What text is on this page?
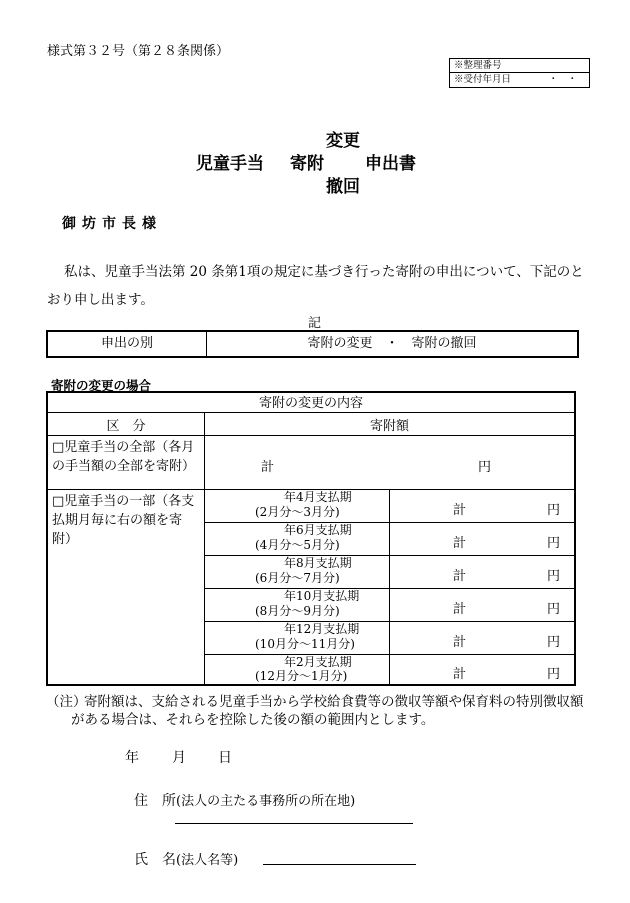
様式第３２号（第２８条関係）
※整理番号
※受付年月日	・　・
変更
児童手当 寄附 申出書
撤回
御坊市長様
私は、児童手当法第 20 条第1項の規定に基づき行った寄附の申出について、下記のとおり申し出ます。
記
申出の別	寄附の変更　・　寄附の撤回
寄附の変更の場合
寄附の変更の内容
区　分	寄附額
□児童手当の全部（各月の手当額の全部を寄附）	計	円
□児童手当の一部（各支払期月毎に右の額を寄附）
年4月支払期
(2月分～3月分)	計	円
年6月支払期
(4月分～5月分)	計	円
年8月支払期
(6月分～7月分)	計	円
年10月支払期
(8月分～9月分)	計	円
年12月支払期
(10月分～11月分)	計	円
年2月支払期
(12月分～1月分)	計	円
（注）
寄附額は、支給される児童手当から学校給食費等の徴収等額や保育料の特別徴収額
がある場合は、それらを控除した後の額の範囲内とします。
年 月 日
住　所 (法人の主たる事務所の所在地)
氏　名 (法人名等)
